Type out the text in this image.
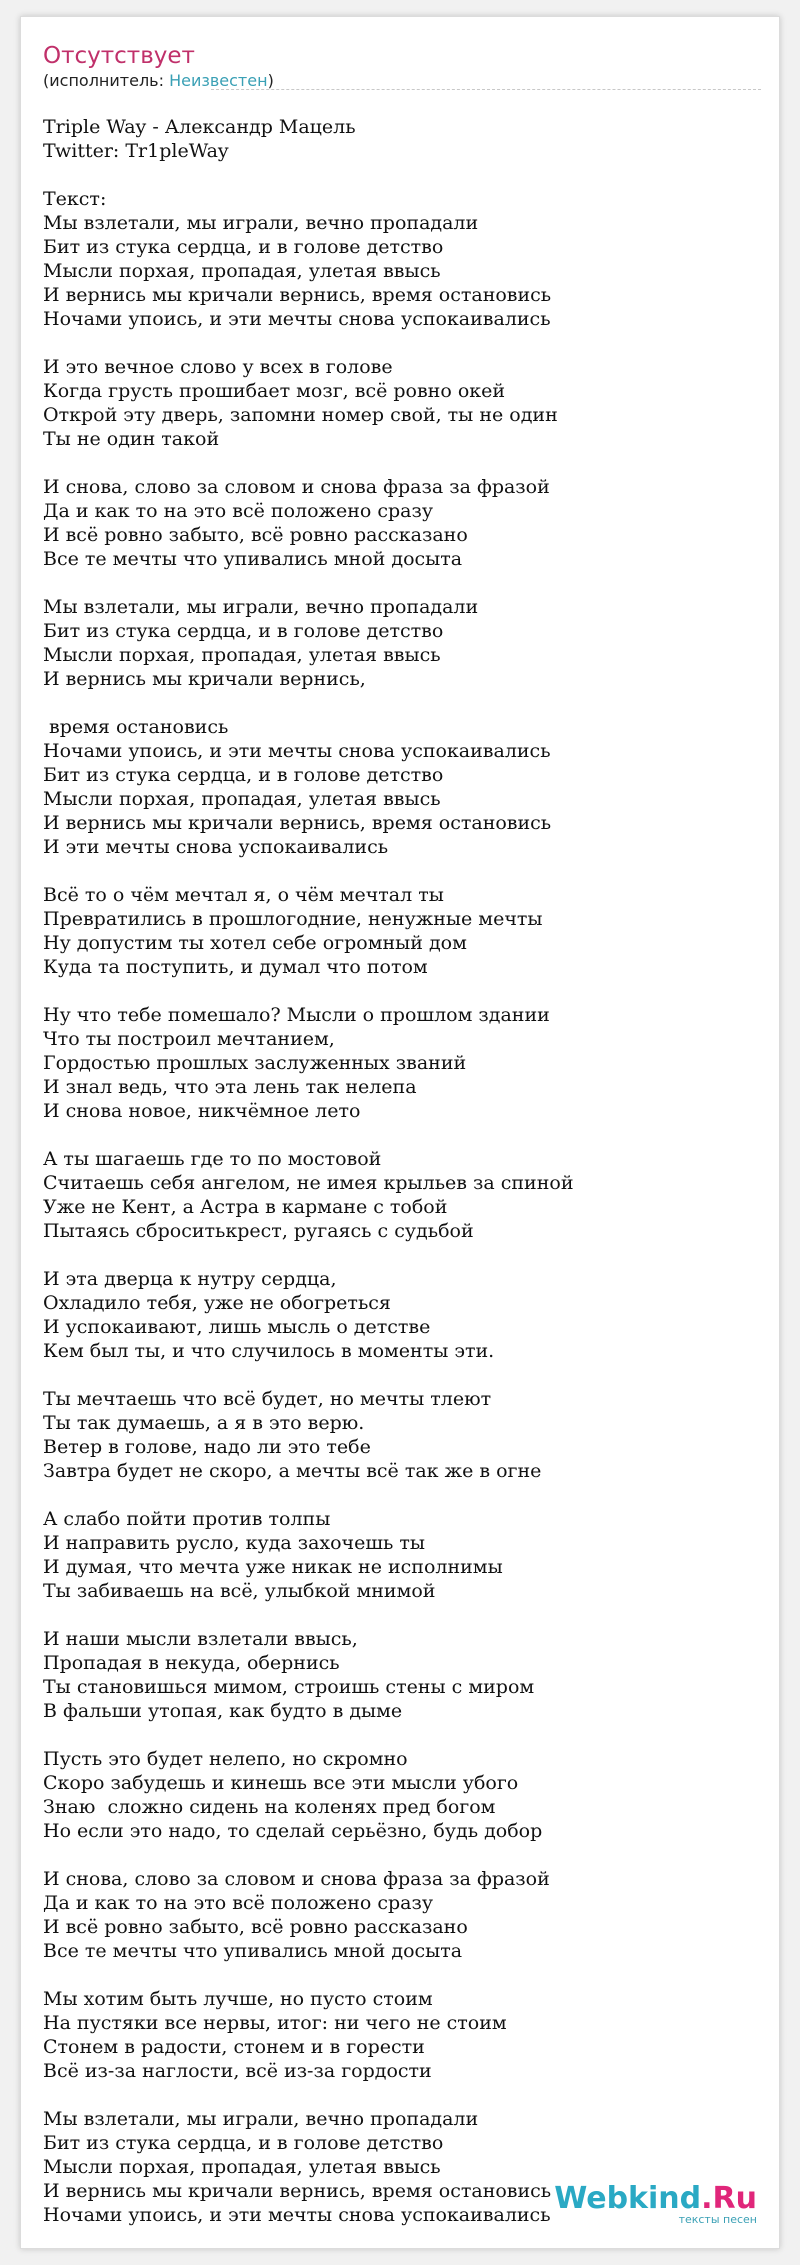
Отсутствует
(исполнитель: Неизвестен)
Triple Way - Александр Мацель
Twitter: Tr1pleWay
Текст:
Мы взлетали, мы играли, вечно пропадали
Бит из стука сердца, и в голове детство
Мысли порхая, пропадая, улетая ввысь
И вернись мы кричали вернись, время остановись
Ночами упоись, и эти мечты снова успокаивались
И это вечное слово у всех в голове
Когда грусть прошибает мозг, всё ровно окей
Открой эту дверь, запомни номер свой, ты не один
Ты не один такой
И снова, слово за словом и снова фраза за фразой
Да и как то на это всё положено сразу
И всё ровно забыто, всё ровно рассказано
Все те мечты что упивались мной досыта
Мы взлетали, мы играли, вечно пропадали
Бит из стука сердца, и в голове детство
Мысли порхая, пропадая, улетая ввысь
И вернись мы кричали вернись,
время остановись
Ночами упоись, и эти мечты снова успокаивались
Бит из стука сердца, и в голове детство
Мысли порхая, пропадая, улетая ввысь
И вернись мы кричали вернись, время остановись
И эти мечты снова успокаивались
Всё то о чём мечтал я, о чём мечтал ты
Превратились в прошлогодние, ненужные мечты
Ну допустим ты хотел себе огромный дом
Куда та поступить, и думал что потом
Ну что тебе помешало? Мысли о прошлом здании
Что ты построил мечтанием,
Гордостью прошлых заслуженных званий
И знал ведь, что эта лень так нелепа
И снова новое, никчёмное лето
А ты шагаешь где то по мостовой
Считаешь себя ангелом, не имея крыльев за спиной
Уже не Кент, а Астра в кармане с тобой
Пытаясь сброситькрест, ругаясь с судьбой
И эта дверца к нутру сердца,
Охладило тебя, уже не обогреться
И успокаивают, лишь мысль о детстве
Кем был ты, и что случилось в моменты эти.
Ты мечтаешь что всё будет, но мечты тлеют
Ты так думаешь, а я в это верю.
Ветер в голове, надо ли это тебе
Завтра будет не скоро, а мечты всё так же в огне
А слабо пойти против толпы
И направить русло, куда захочешь ты
И думая, что мечта уже никак не исполнимы
Ты забиваешь на всё, улыбкой мнимой
И наши мысли взлетали ввысь,
Пропадая в некуда, обернись
Ты становишься мимом, строишь стены с миром
В фальши утопая, как будто в дыме
Пусть это будет нелепо, но скромно
Скоро забудешь и кинешь все эти мысли убого
Знаю  сложно сидень на коленях пред богом
Но если это надо, то сделай серьёзно, будь добор
И снова, слово за словом и снова фраза за фразой
Да и как то на это всё положено сразу
И всё ровно забыто, всё ровно рассказано
Все те мечты что упивались мной досыта
Мы хотим быть лучше, но пусто стоим
На пустяки все нервы, итог: ни чего не стоим
Стонем в радости, стонем и в горести
Всё из-за наглости, всё из-за гордости
Мы взлетали, мы играли, вечно пропадали
Бит из стука сердца, и в голове детство
Мысли порхая, пропадая, улетая ввысь
И вернись мы кричали вернись, время остановись
Ночами упоись, и эти мечты снова успокаивались Webkind.Ru
тексты песен
